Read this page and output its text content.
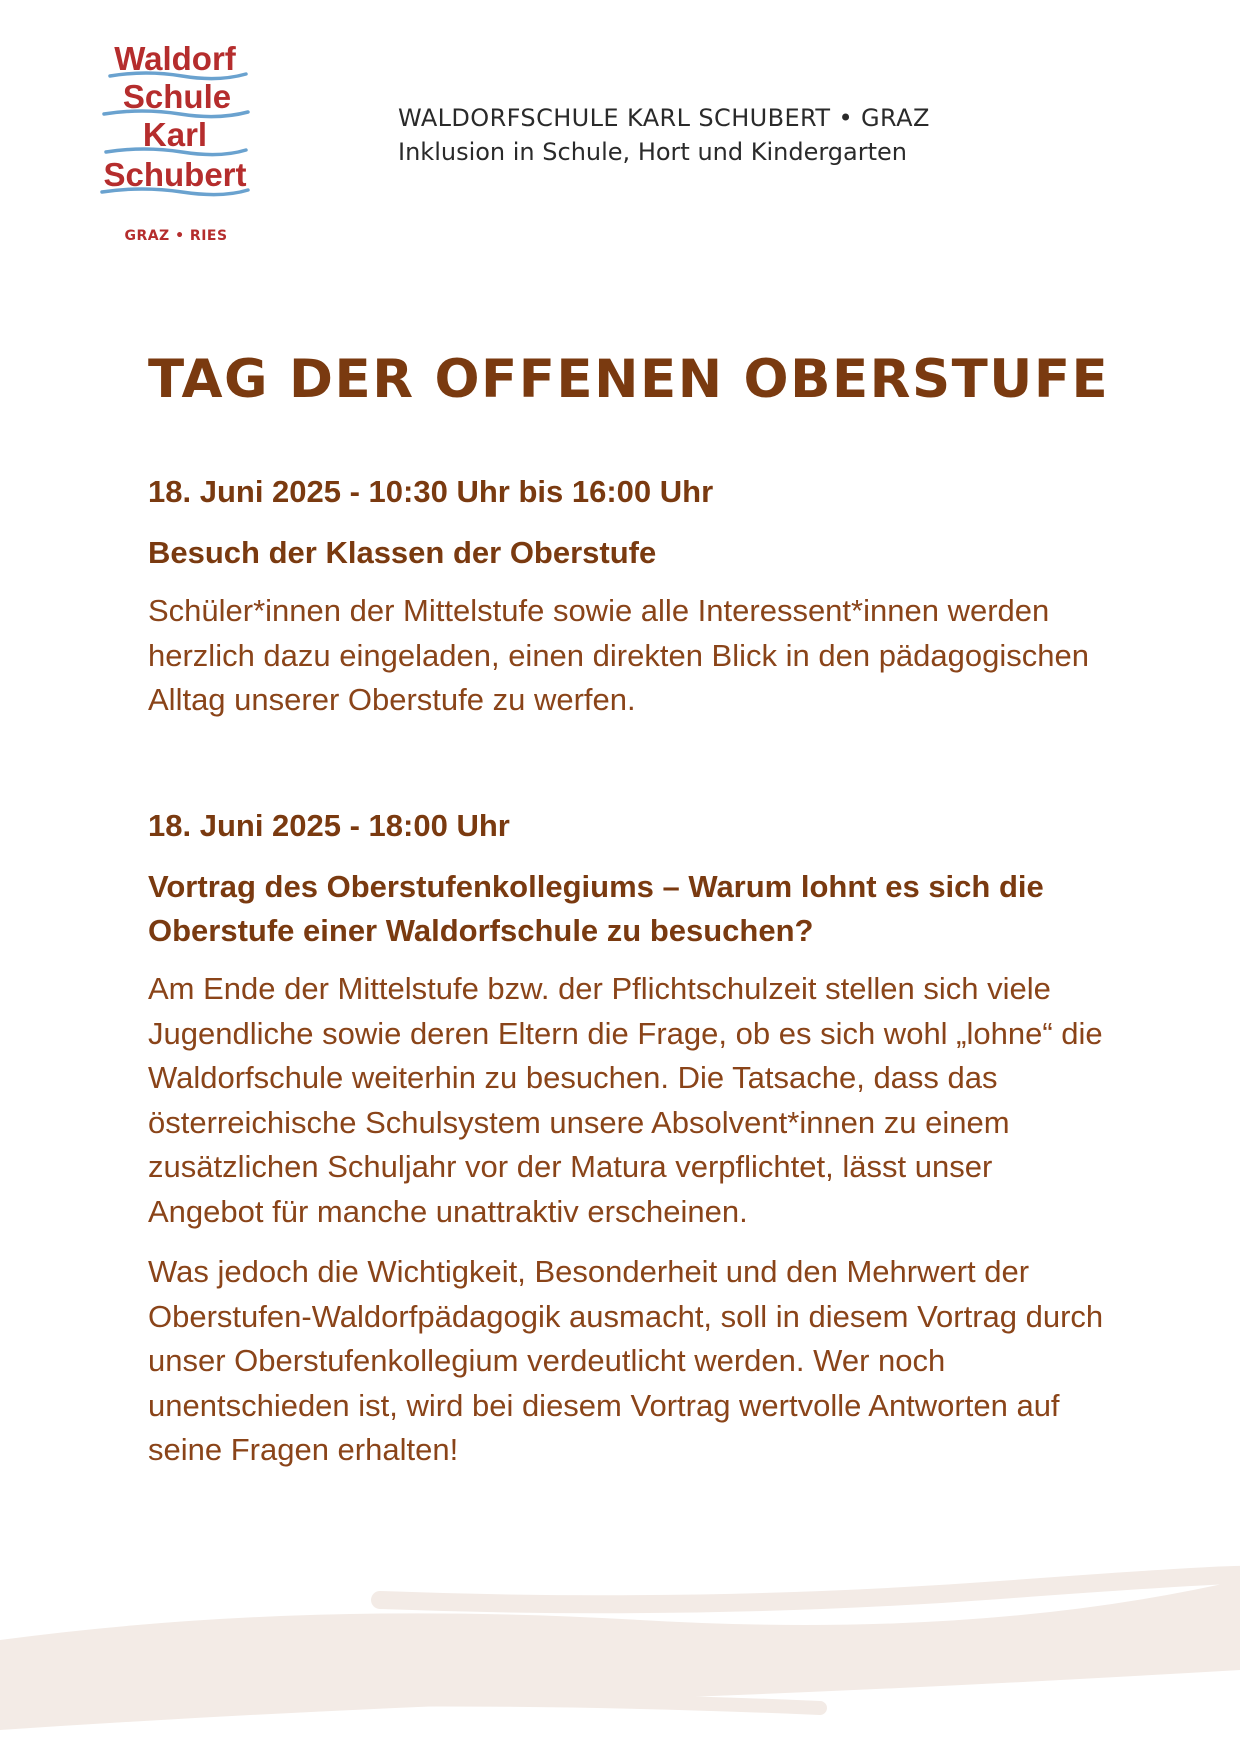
Waldorf
Schule
Karl
Schubert
GRAZ • RIES
WALDORFSCHULE KARL SCHUBERT • GRAZ
Inklusion in Schule, Hort und Kindergarten
TAG DER OFFENEN OBERSTUFE
18. Juni 2025 - 10:30 Uhr bis 16:00 Uhr
Besuch der Klassen der Oberstufe

Schüler*innen der Mittelstufe sowie alle Interessent*innen werden herzlich dazu eingeladen, einen direkten Blick in den pädagogischen Alltag unserer Oberstufe zu werfen.

18. Juni 2025 - 18:00 Uhr
Vortrag des Oberstufenkollegiums – Warum lohnt es sich die Oberstufe einer Waldorfschule zu besuchen?

Am Ende der Mittelstufe bzw. der Pflichtschulzeit stellen sich viele Jugendliche sowie deren Eltern die Frage, ob es sich wohl „lohne“ die Waldorfschule weiterhin zu besuchen. Die Tatsache, dass das österreichische Schulsystem unsere Absolvent*innen zu einem zusätzlichen Schuljahr vor der Matura verpflichtet, lässt unser Angebot für manche unattraktiv erscheinen.

Was jedoch die Wichtigkeit, Besonderheit und den Mehrwert der Oberstufen-Waldorfpädagogik ausmacht, soll in diesem Vortrag durch unser Oberstufenkollegium verdeutlicht werden. Wer noch unentschieden ist, wird bei diesem Vortrag wertvolle Antworten auf seine Fragen erhalten!
